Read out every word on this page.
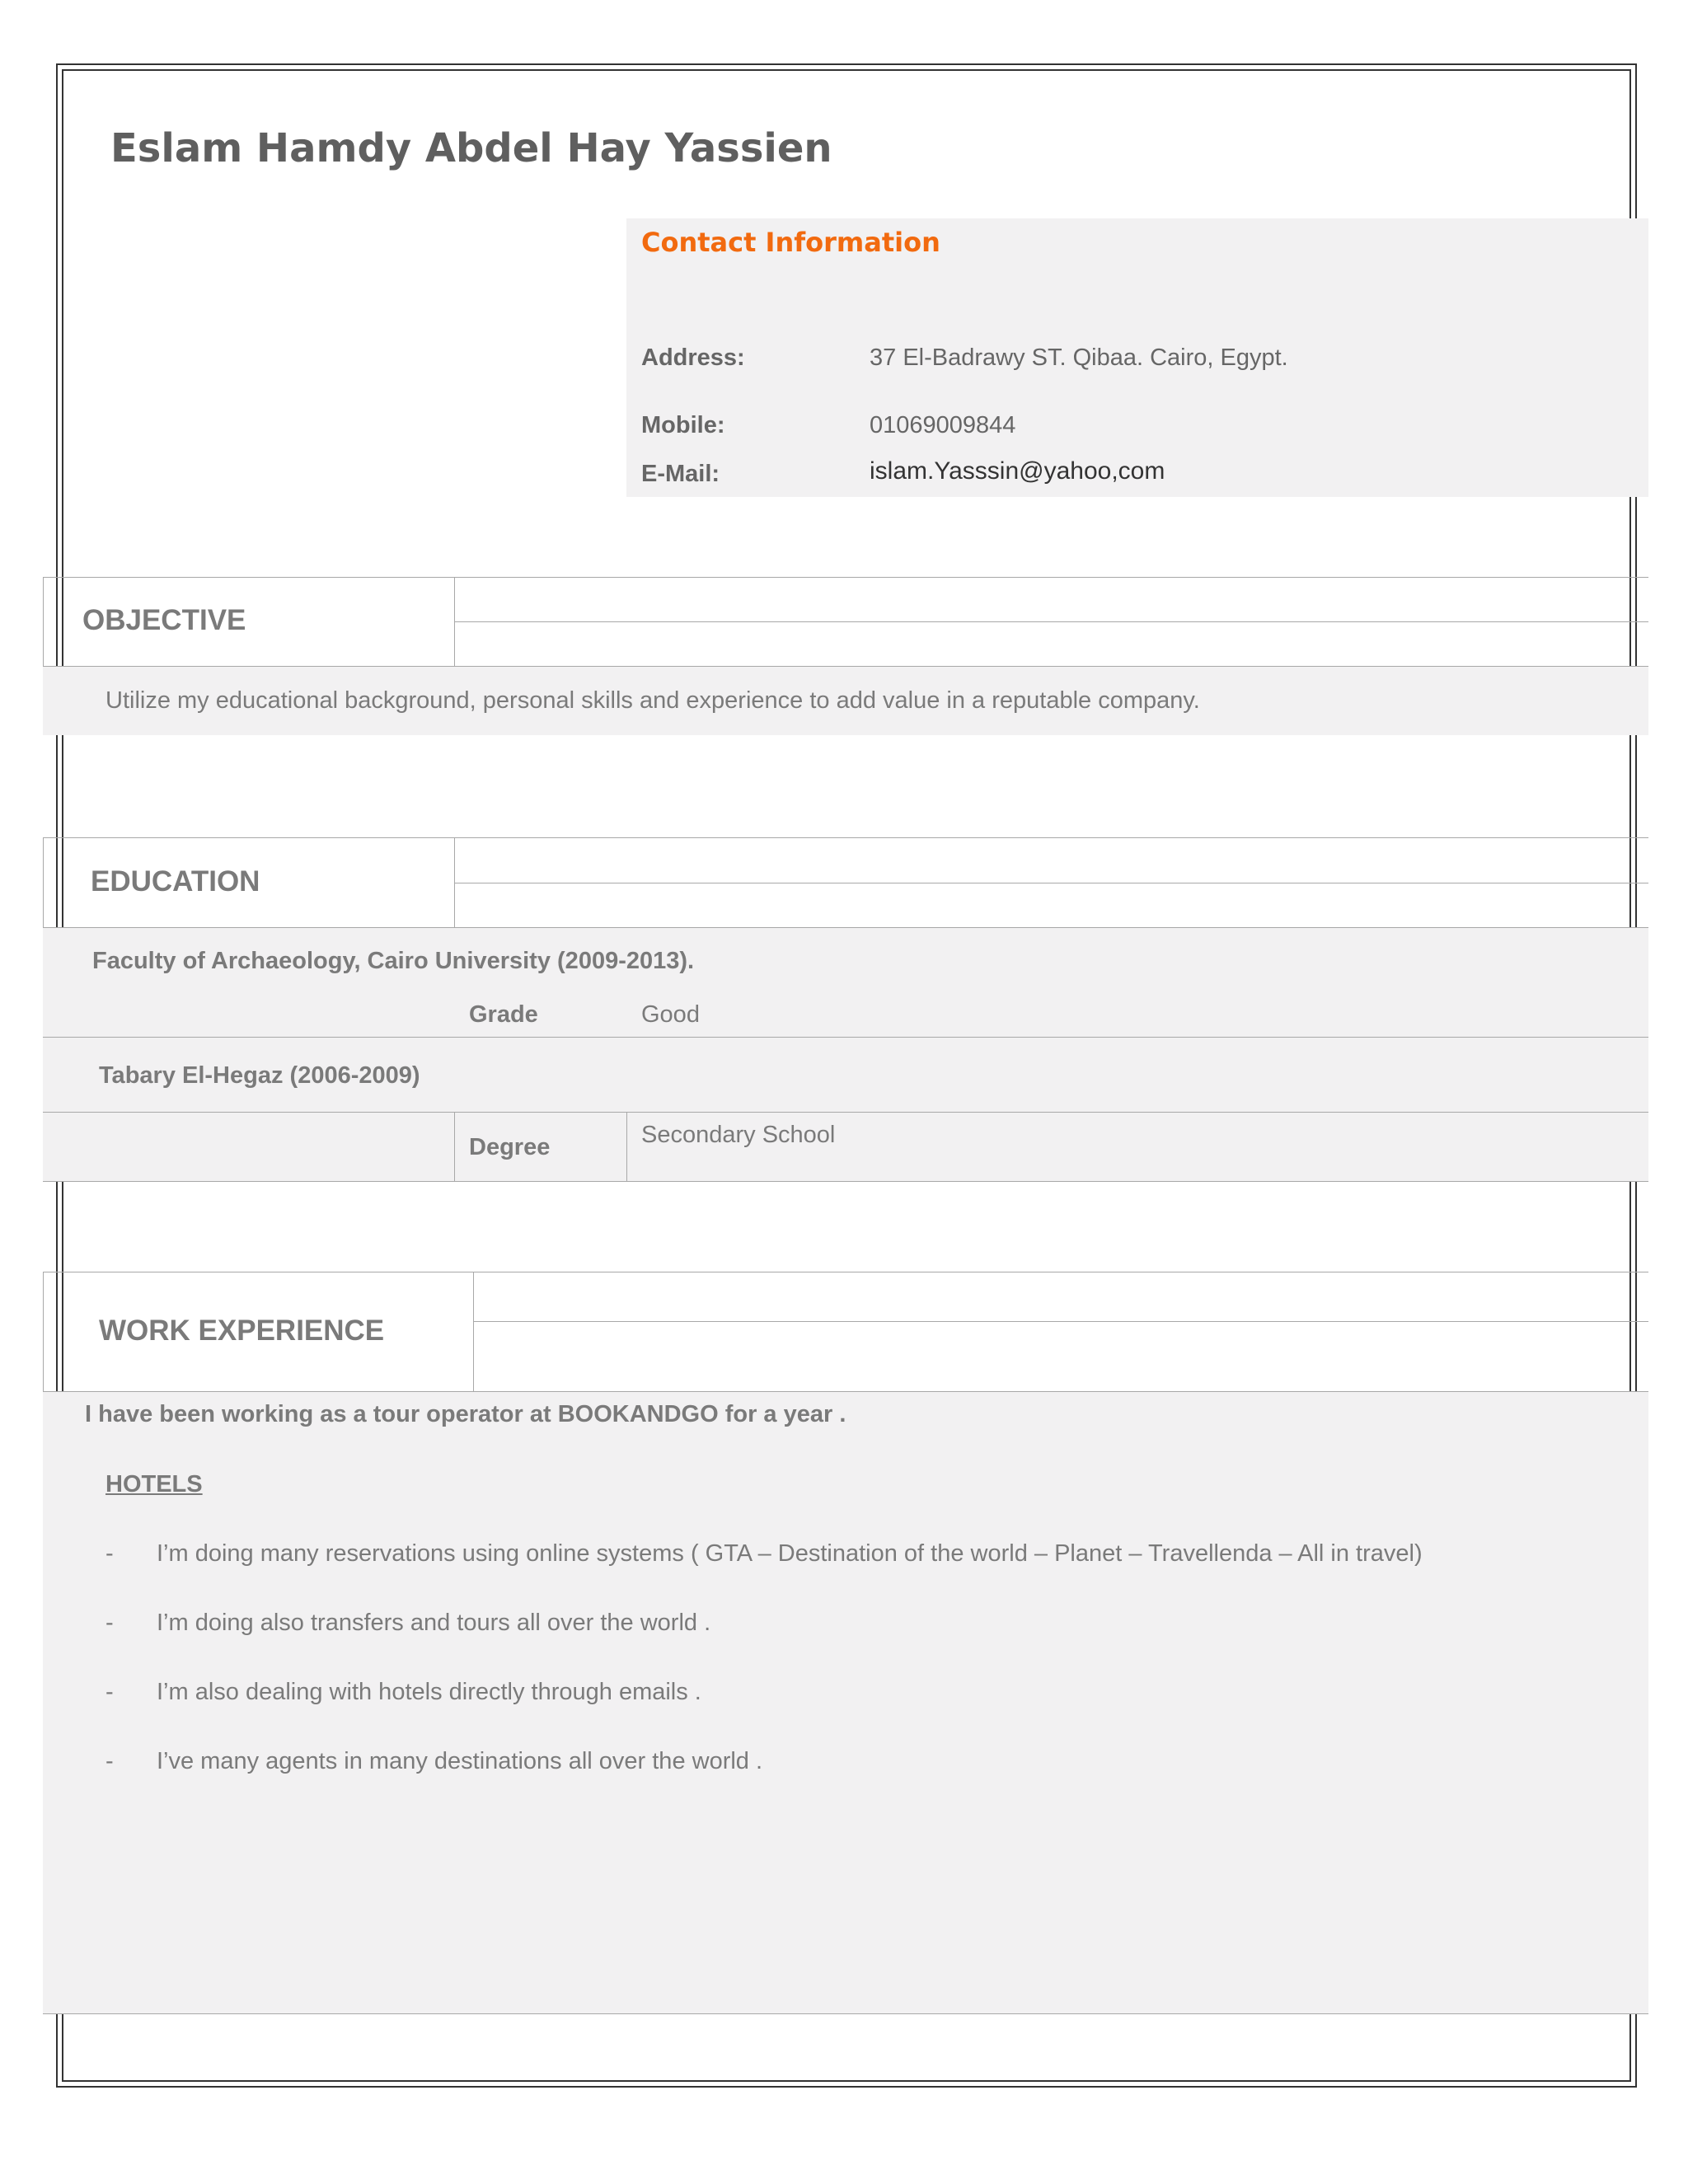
Eslam Hamdy Abdel Hay Yassien
Contact Information
Address:	37 El-Badrawy ST. Qibaa. Cairo, Egypt.
Mobile:	01069009844
E-Mail:	islam.Yasssin@yahoo,com
OBJECTIVE
Utilize my educational background, personal skills and experience to add value in a reputable company.
EDUCATION
Faculty of Archaeology, Cairo University (2009-2013).
Grade	Good
Tabary El-Hegaz (2006-2009)
Degree	Secondary School
WORK EXPERIENCE
I have been working as a tour operator at BOOKANDGO for a year .
HOTELS
- I’m doing many reservations using online systems ( GTA – Destination of the world – Planet – Travellenda – All in travel)
- I’m doing also transfers and tours all over the world .
- I’m also dealing with hotels directly through emails .
- I’ve many agents in many destinations all over the world .
